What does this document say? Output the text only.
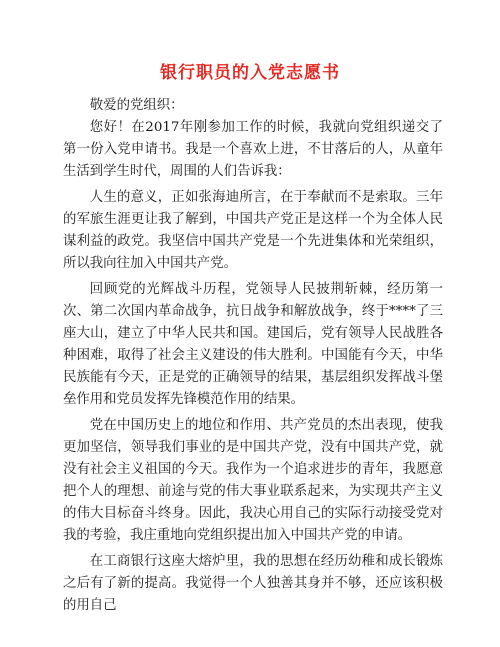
银行职员的入党志愿书

敬爱的党组织：

您好！在2017年刚参加工作的时候，我就向党组织递交了第一份入党申请书。我是一个喜欢上进，不甘落后的人，从童年生活到学生时代，周围的人们告诉我：

人生的意义，正如张海迪所言，在于奉献而不是索取。三年的军旅生涯更让我了解到，中国共产党正是这样一个为全体人民谋利益的政党。我坚信中国共产党是一个先进集体和光荣组织，所以我向往加入中国共产党。

回顾党的光辉战斗历程，党领导人民披荆斩棘，经历第一次、第二次国内革命战争，抗日战争和解放战争，终于****了三座大山，建立了中华人民共和国。建国后，党有领导人民战胜各种困难，取得了社会主义建设的伟大胜利。中国能有今天，中华民族能有今天，正是党的正确领导的结果，基层组织发挥战斗堡垒作用和党员发挥先锋模范作用的结果。

党在中国历史上的地位和作用、共产党员的杰出表现，使我更加坚信，领导我们事业的是中国共产党，没有中国共产党，就没有社会主义祖国的今天。我作为一个追求进步的青年，我愿意把个人的理想、前途与党的伟大事业联系起来，为实现共产主义的伟大目标奋斗终身。因此，我决心用自己的实际行动接受党对我的考验，我庄重地向党组织提出加入中国共产党的申请。

在工商银行这座大熔炉里，我的思想在经历幼稚和成长锻炼之后有了新的提高。我觉得一个人独善其身并不够，还应该积极的用自己
